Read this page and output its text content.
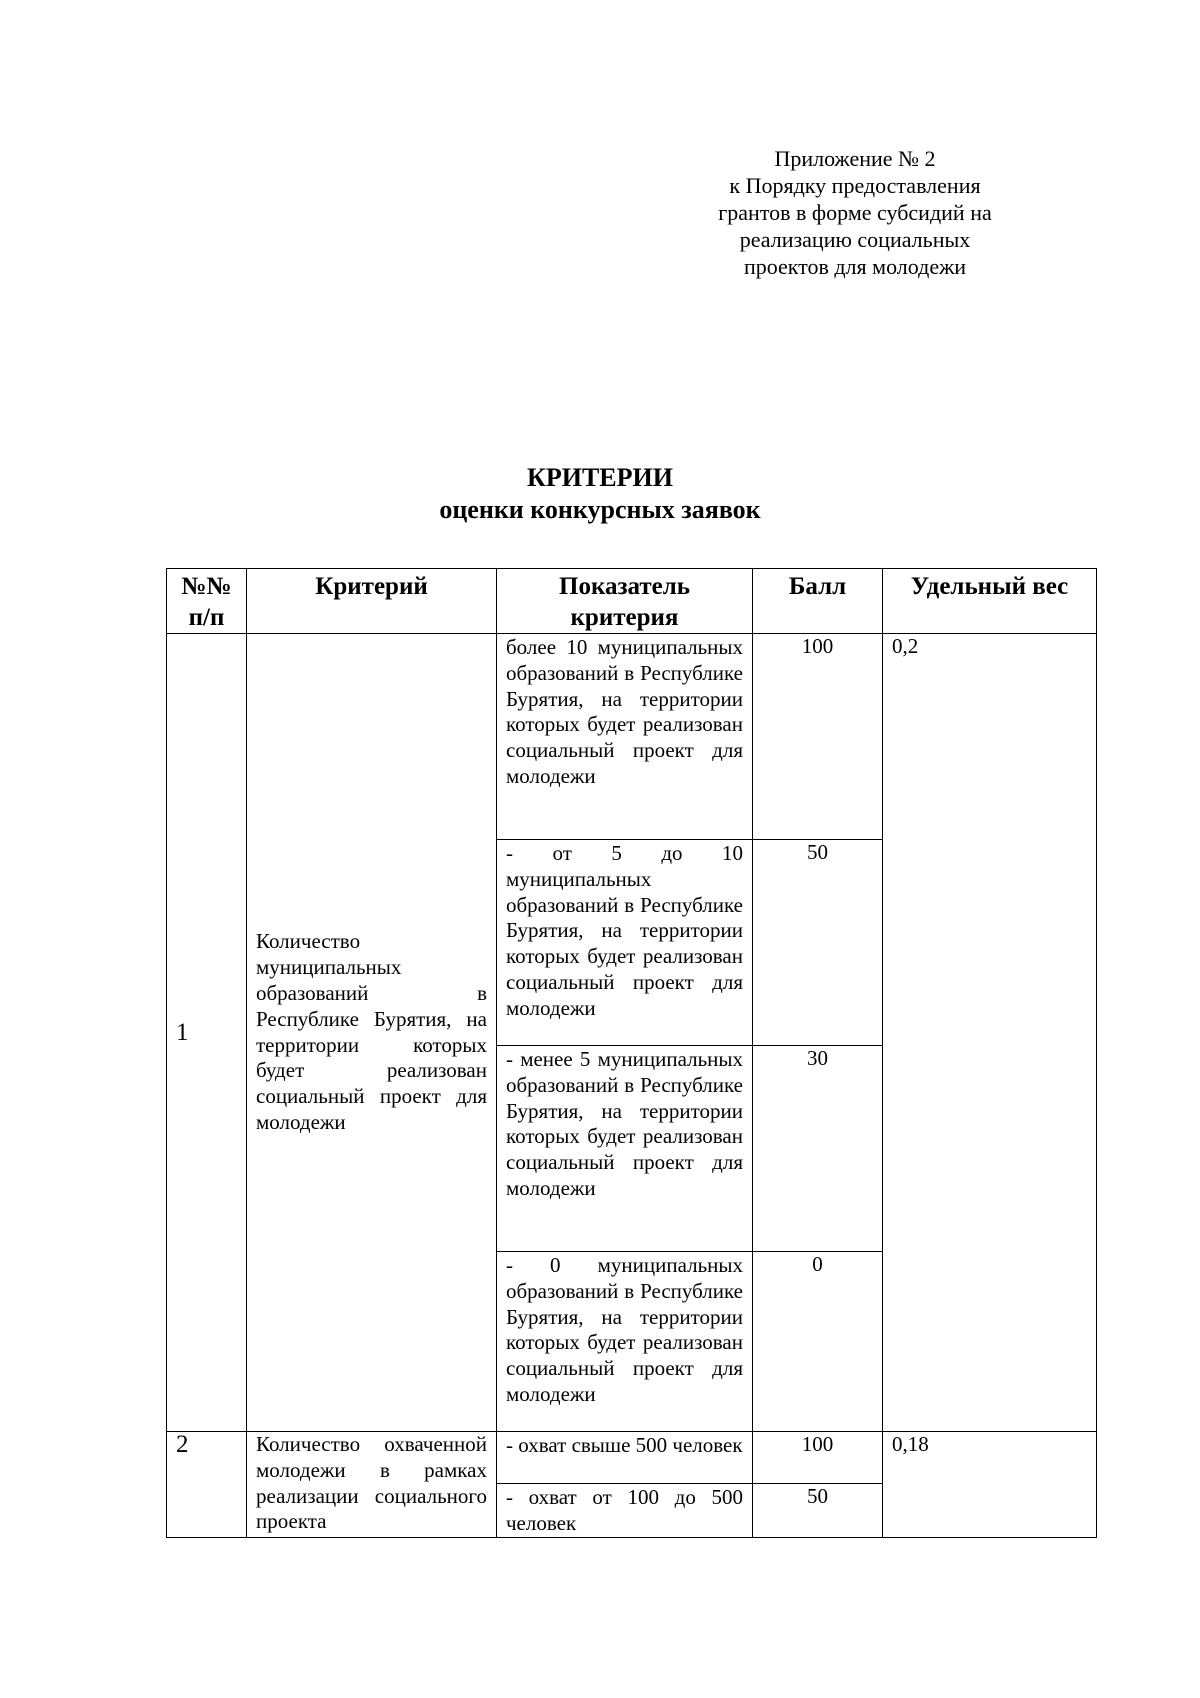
Приложение № 2
к Порядку предоставления
грантов в форме субсидий на
реализацию социальных
проектов для молодежи
КРИТЕРИИ
оценки конкурсных заявок
№№ п/п	Критерий	Показатель критерия	Балл	Удельный вес
1	Количество муниципальных образований в Республике Бурятия, на территории которых будет реализован социальный проект для молодежи	более 10 муниципальных образований в Республике Бурятия, на территории которых будет реализован социальный проект для молодежи	100	0,2
		- от 5 до 10 муниципальных образований в Республике Бурятия, на территории которых будет реализован социальный проект для молодежи	50	
		- менее 5 муниципальных образований в Республике Бурятия, на территории которых будет реализован социальный проект для молодежи	30	
		- 0 муниципальных образований в Республике Бурятия, на территории которых будет реализован социальный проект для молодежи	0	
2	Количество охваченной молодежи в рамках реализации социального проекта	- охват свыше 500 человек	100	0,18
		- охват от 100 до 500 человек	50	
